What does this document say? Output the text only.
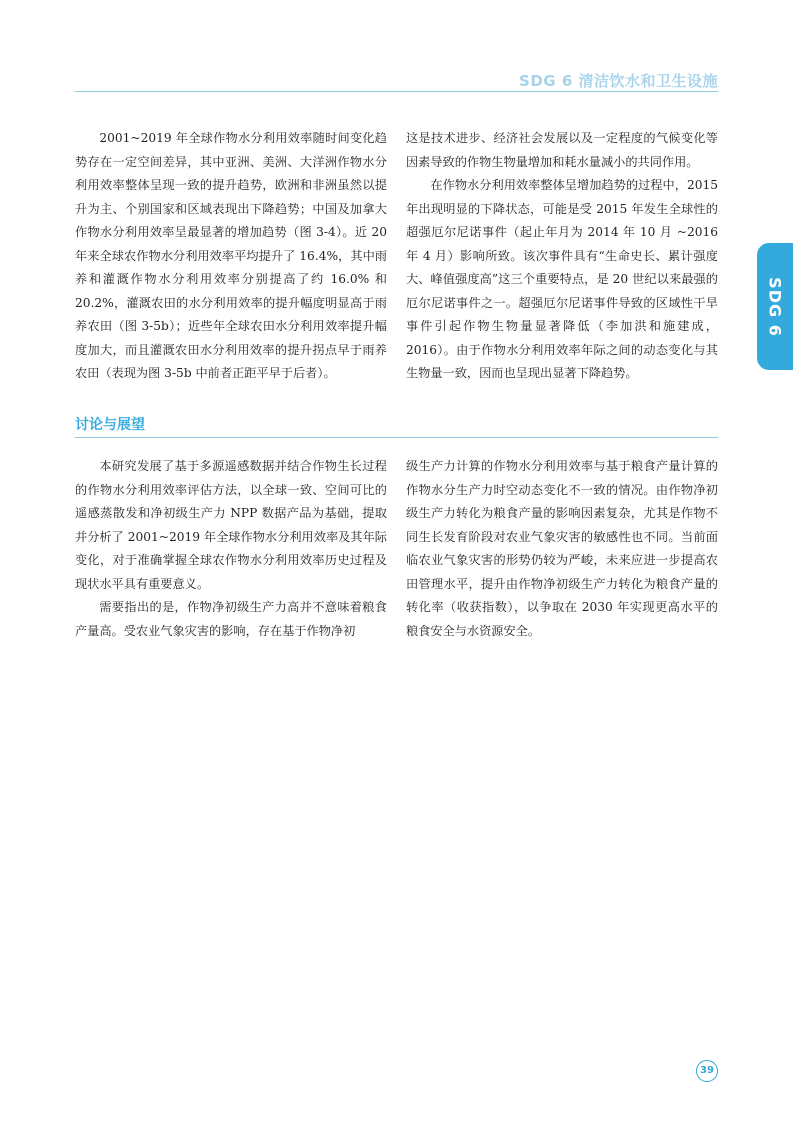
SDG 6 清洁饮水和卫生设施
SDG 6

2001~2019 年全球作物水分利用效率随时间变化趋势存在一定空间差异，其中亚洲、美洲、大洋洲作物水分利用效率整体呈现一致的提升趋势，欧洲和非洲虽然以提升为主、个别国家和区域表现出下降趋势；中国及加拿大作物水分利用效率呈最显著的增加趋势（图 3-4）。近 20 年来全球农作物水分利用效率平均提升了 16.4%，其中雨养和灌溉作物水分利用效率分别提高了约 16.0% 和 20.2%，灌溉农田的水分利用效率的提升幅度明显高于雨养农田（图 3-5b）；近些年全球农田水分利用效率提升幅度加大，而且灌溉农田水分利用效率的提升拐点早于雨养农田（表现为图 3-5b 中前者正距平早于后者）。

这是技术进步、经济社会发展以及一定程度的气候变化等因素导致的作物生物量增加和耗水量减小的共同作用。

在作物水分利用效率整体呈增加趋势的过程中，2015 年出现明显的下降状态，可能是受 2015 年发生全球性的超强厄尔尼诺事件（起止年月为 2014 年 10 月 ~2016 年 4 月）影响所致。该次事件具有“生命史长、累计强度大、峰值强度高”这三个重要特点，是 20 世纪以来最强的厄尔尼诺事件之一。超强厄尔尼诺事件导致的区域性干旱事件引起作物生物量显著降低（李加洪和施建成，2016）。由于作物水分利用效率年际之间的动态变化与其生物量一致，因而也呈现出显著下降趋势。

讨论与展望

本研究发展了基于多源遥感数据并结合作物生长过程的作物水分利用效率评估方法，以全球一致、空间可比的遥感蒸散发和净初级生产力 NPP 数据产品为基础，提取并分析了 2001~2019 年全球作物水分利用效率及其年际变化，对于准确掌握全球农作物水分利用效率历史过程及现状水平具有重要意义。

需要指出的是，作物净初级生产力高并不意味着粮食产量高。受农业气象灾害的影响，存在基于作物净初

级生产力计算的作物水分利用效率与基于粮食产量计算的作物水分生产力时空动态变化不一致的情况。由作物净初级生产力转化为粮食产量的影响因素复杂，尤其是作物不同生长发育阶段对农业气象灾害的敏感性也不同。当前面临农业气象灾害的形势仍较为严峻，未来应进一步提高农田管理水平，提升由作物净初级生产力转化为粮食产量的转化率（收获指数），以争取在 2030 年实现更高水平的粮食安全与水资源安全。

39
